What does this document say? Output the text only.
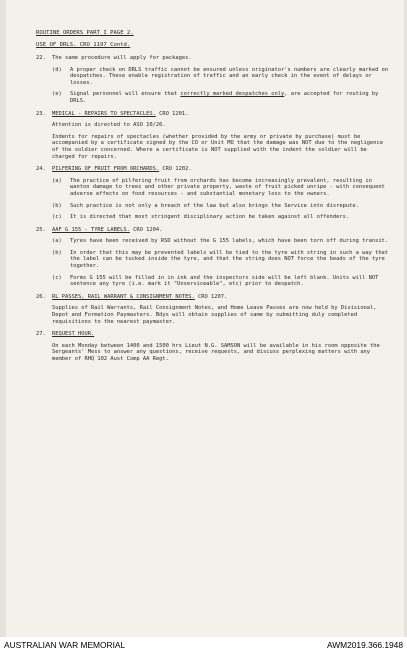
ROUTINE ORDERS PART I PAGE 2.
USE OF DRLS. CRO 1197 Contd.
22. The same procedure will apply for packages.
(d) A proper check on DRLS traffic cannot be ensured unless originator's numbers are clearly marked on despatches. These enable registration of traffic and an early check in the event of delays or losses.
(e) Signal personnel will ensure that correctly marked despatches only, are accepted for routing by DRLS.
23. MEDICAL - REPAIRS TO SPECTACLES. CRO 1201.
Attention is directed to ASO 10/26.
Indents for repairs of spectacles (whether provided by the army or private by purchase) must be accompanied by a certificate signed by the CO or Unit MO that the damage was NOT due to the negligence of the soldier concerned. Where a certificate is NOT supplied with the indent the soldier will be charged for repairs.
24. PILFERING OF FRUIT FROM ORCHARDS. CRO 1202.
(a) The practice of pilfering fruit from orchards has become increasingly prevalent, resulting in wanton damage to trees and other private property, waste of fruit picked unripe - with consequent adverse effects on food resources - and substantial monetary loss to the owners.
(b) Such practice is not only a breach of the law but also brings the Service into disrepute.
(c) It is directed that most stringent disciplinary action be taken against all offenders.
25. AAF G 155 - TYRE LABELS. CRO 1204.
(a) Tyres have been received by RSD without the G 155 labels, which have been torn off during transit.
(b) In order that this may be prevented labels will be tied to the tyre with string in such a way that the label can be tucked inside the tyre, and that the string does NOT force the beads of the tyre together.
(c) Forms G 155 will be filled in in ink and the inspectors side will be left blank. Units will NOT sentence any tyre (i.e. mark it "Unserviceable", etc) prior to despatch.
26. RL PASSES, RAIL WARRANT & CONSIGNMENT NOTES. CRO 1207.
Supplies of Rail Warrants, Rail Consignment Notes, and Home Leave Passes are now held by Divisional, Depot and Formation Paymasters. Bdys will obtain supplies of same by submitting duly completed requisitions to the nearest paymaster.
27. REQUEST HOUR.
On each Monday between 1400 and 1500 hrs Lieut N.G. SAMSON will be available in his room opposite the Sergeants' Mess to answer any questions, receive requests, and discuss perplexing matters with any member of RHQ 102 Aust Comp AA Regt.
AUSTRALIAN WAR MEMORIAL	AWM2019.366.1948
